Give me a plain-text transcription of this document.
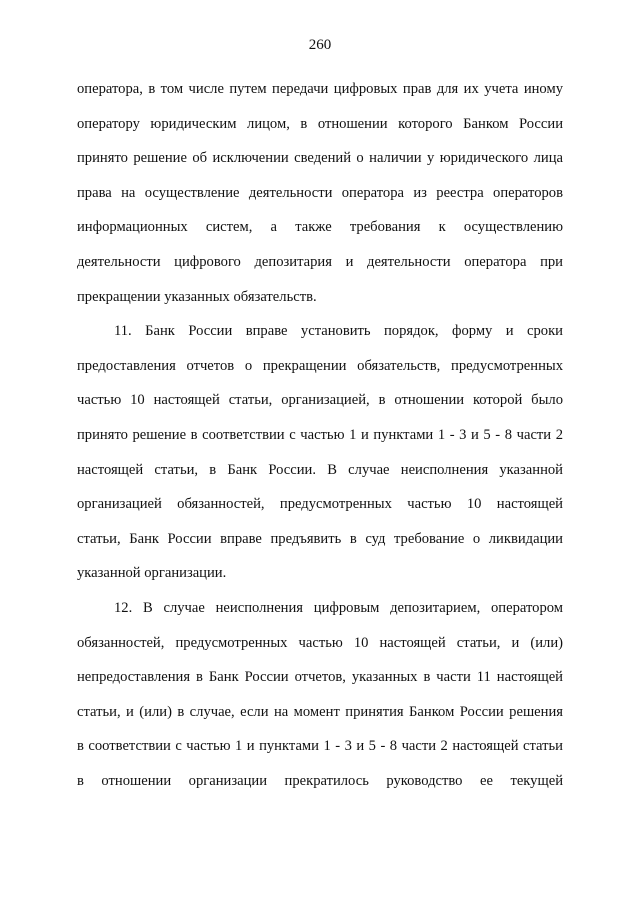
260
оператора, в том числе путем передачи цифровых прав для их учета иному
оператору юридическим лицом, в отношении которого Банком России
принято решение об исключении сведений о наличии у юридического лица
права на осуществление деятельности оператора из реестра операторов
информационных систем, а также требования к осуществлению
деятельности цифрового депозитария и деятельности оператора при
прекращении указанных обязательств.
11. Банк России вправе установить порядок, форму и сроки
предоставления отчетов о прекращении обязательств, предусмотренных
частью 10 настоящей статьи, организацией, в отношении которой было
принято решение в соответствии с частью 1 и пунктами 1 - 3 и 5 - 8 части 2
настоящей статьи, в Банк России. В случае неисполнения указанной
организацией обязанностей, предусмотренных частью 10 настоящей
статьи, Банк России вправе предъявить в суд требование о ликвидации
указанной организации.
12. В случае неисполнения цифровым депозитарием, оператором
обязанностей, предусмотренных частью 10 настоящей статьи, и (или)
непредоставления в Банк России отчетов, указанных в части 11 настоящей
статьи, и (или) в случае, если на момент принятия Банком России решения
в соответствии с частью 1 и пунктами 1 - 3 и 5 - 8 части 2 настоящей статьи
в отношении организации прекратилось руководство ее текущей
